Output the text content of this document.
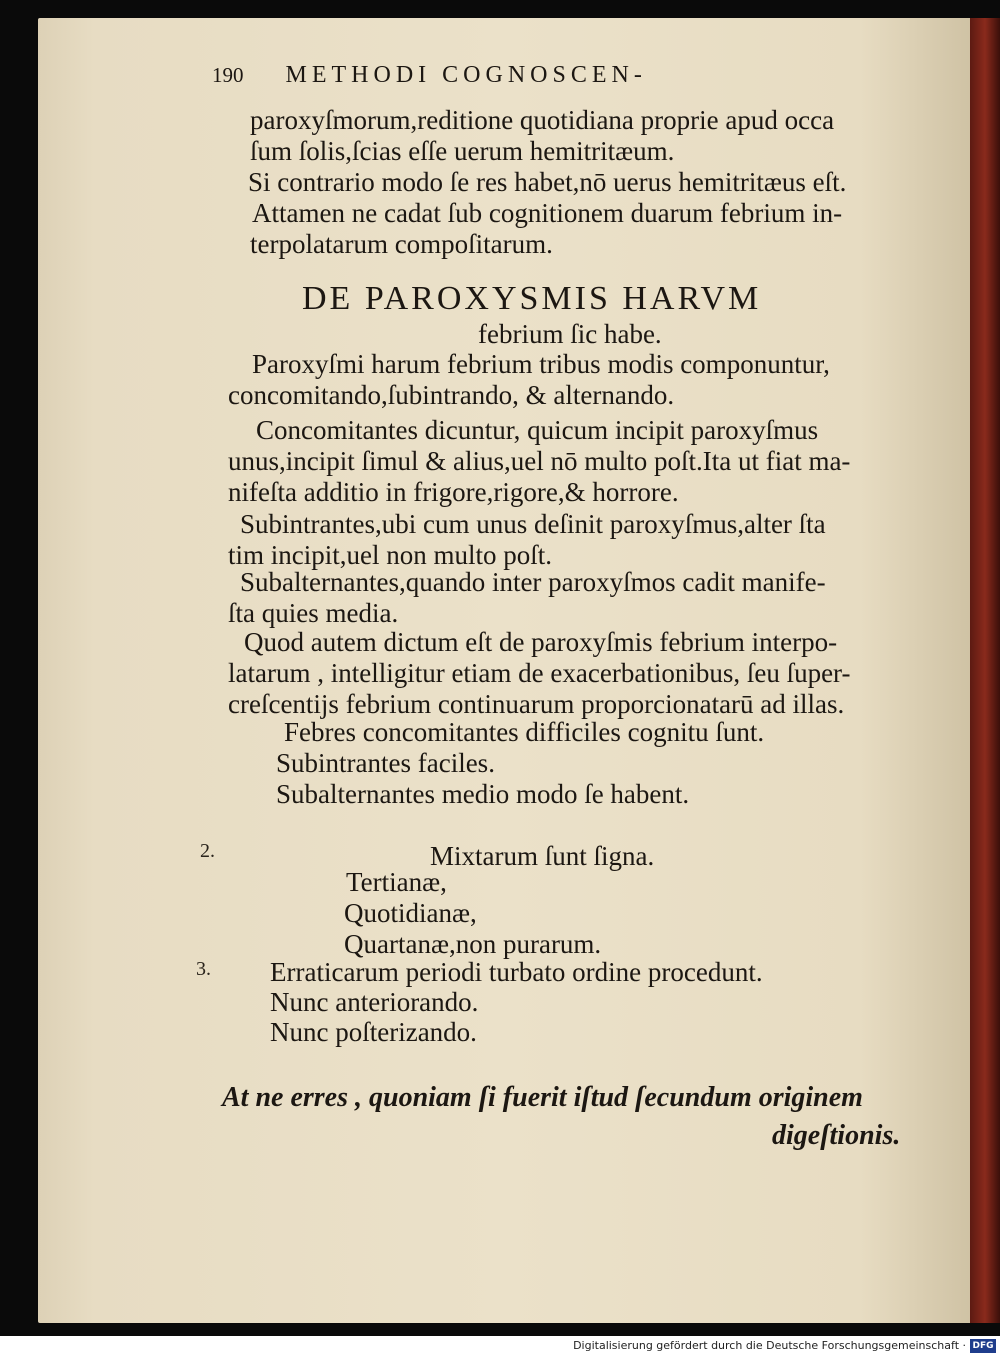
190 METHODI COGNOSCEN-
paroxyſmorum,reditione quotidiana proprie apud occa
ſum ſolis,ſcias eſſe uerum hemitritæum.
Si contrario modo ſe res habet,nō uerus hemitritæus eſt.
Attamen ne cadat ſub cognitionem duarum febrium in-
terpolatarum compoſitarum.
DE PAROXYSMIS HARVM
febrium ſic habe.
Paroxyſmi harum febrium tribus modis componuntur,
concomitando,ſubintrando, & alternando.
Concomitantes dicuntur, quicum incipit paroxyſmus
unus,incipit ſimul & alius,uel nō multo poſt.Ita ut fiat ma-
nifeſta additio in frigore,rigore,& horrore.
Subintrantes,ubi cum unus deſinit paroxyſmus,alter ſta
tim incipit,uel non multo poſt.
Subalternantes,quando inter paroxyſmos cadit manife-
ſta quies media.
Quod autem dictum eſt de paroxyſmis febrium interpo-
latarum , intelligitur etiam de exacerbationibus, ſeu ſuper-
creſcentijs febrium continuarum proporcionatarū ad illas.
Febres concomitantes difficiles cognitu ſunt.
Subintrantes faciles.
Subalternantes medio modo ſe habent.
2.	Mixtarum ſunt ſigna.
Tertianæ,
Quotidianæ,
Quartanæ,non purarum.
3. Erraticarum periodi turbato ordine procedunt.
Nunc anteriorando.
Nunc poſterizando.
At ne erres , quoniam ſi fuerit iſtud ſecundum originem
digeſtionis.
Digitalisierung gefördert durch die Deutsche Forschungsgemeinschaft · DFG
